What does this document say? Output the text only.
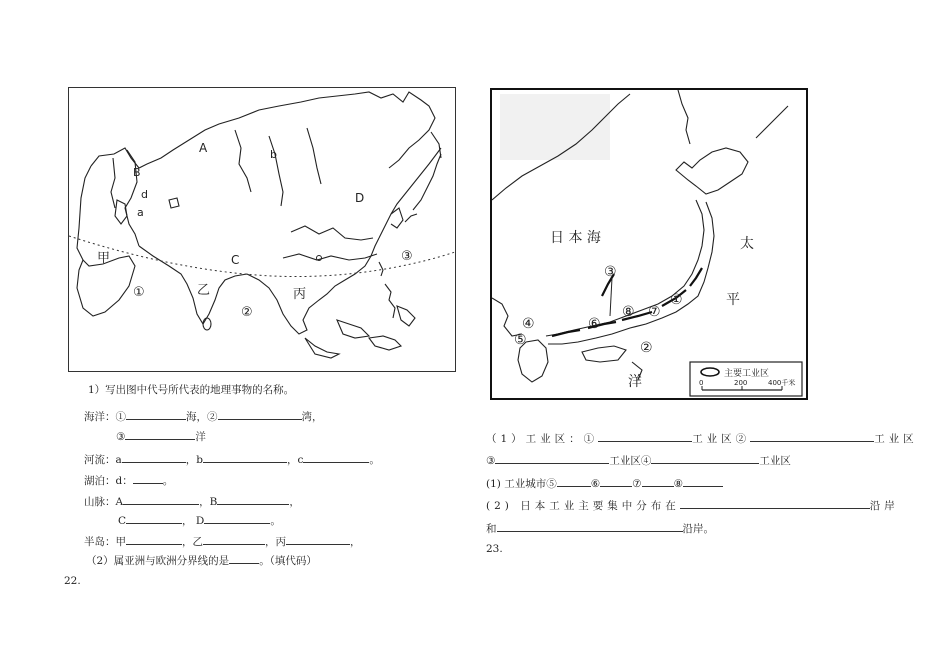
A
B
C
D
a
b
d
甲
乙	丙
①
②
③
1）写出图中代号所代表的地理事物的名称。
海洋：①	海，②	湾，
③	洋
河流：a	，b	，c	。
湖泊：d：	。
山脉：A	，B	，
C	， D	。
半岛：甲	，乙	，丙	，
（2）属亚洲与欧洲分界线的是	。（填代码）
22.
日 本 海	太
平
洋
①
②
③
④
⑤
⑥
⑦
⑧
主要工业区
0	200	400千米
（1）工业区：①	工业区②	工业区
③	工业区④	工业区
(1) 工业城市⑤	⑥	⑦	⑧
(2) 日本工业主要集中分布在	沿岸
和	沿岸。
23.
